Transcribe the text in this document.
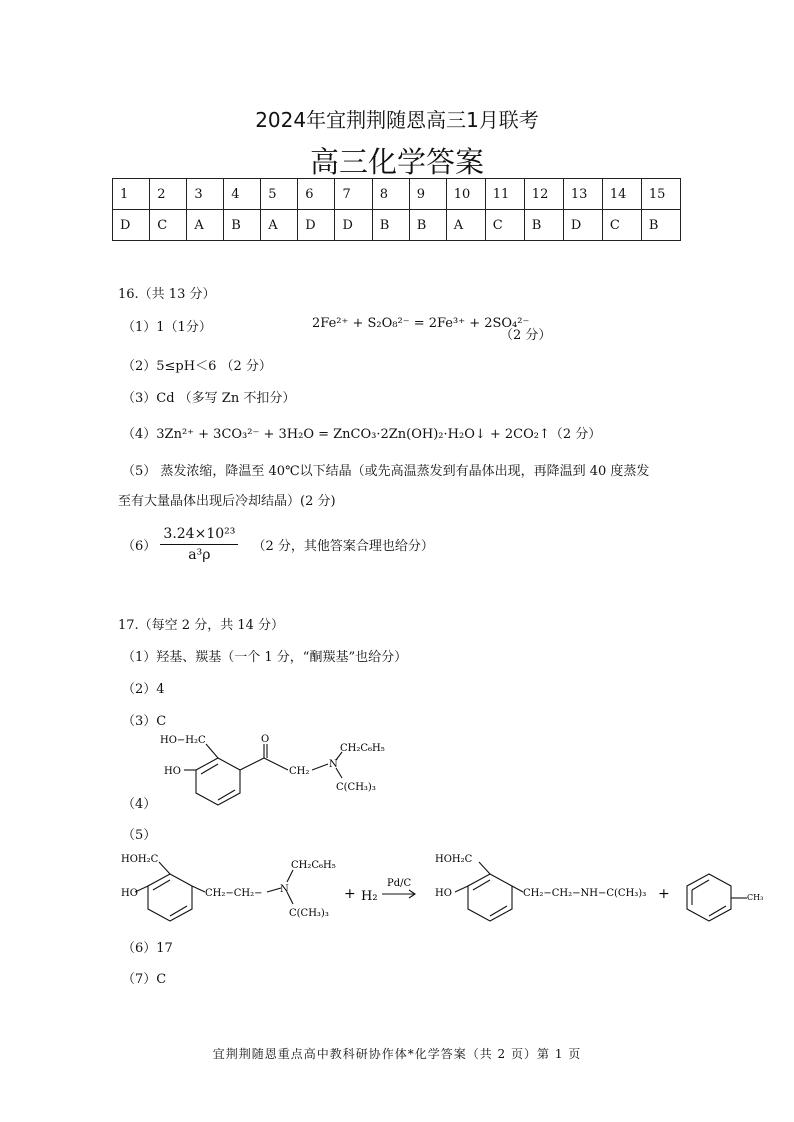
2024年宜荆荆随恩高三1月联考
高三化学答案
1	2	3	4	5	6	7	8	9	10	11	12	13	14	15
D	C	A	B	A	D	D	B	B	A	C	B	D	C	B
16.（共 13 分）
（1）1（1分）	2Fe²⁺ + S₂O₈²⁻ = 2Fe³⁺ + 2SO₄²⁻
（2 分）
（2）5≤pH＜6 （2 分）
（3）Cd （多写 Zn 不扣分）
（4）3Zn²⁺ + 3CO₃²⁻ + 3H₂O = ZnCO₃·2Zn(OH)₂·H₂O↓ + 2CO₂↑（2 分）
（5） 蒸发浓缩，降温至 40℃以下结晶（或先高温蒸发到有晶体出现，再降温到 40 度蒸发
至有大量晶体出现后冷却结晶）(2 分)
$(6) \frac{\text{3.24×10²³}}{\text{a³ρ}} (2$ 分，其他答案合理也给分）
17.（每空 2 分，共 14 分）
（1）羟基、羰基（一个 1 分，“酮羰基”也给分）
（2）4
（3）C
HO−H₂C
HO
O
CH₂
N
CH₂C₆H₅
C(CH₃)₃
（4）
（5）
HOH₂C
HO	CH₂−CH₂− N
CH₂C₆H₅
C(CH₃)₃
+ H₂
Pd/C
HOH₂C
HO	CH₂−CH₂−NH−C(CH₃)₃ +	CH₃
（6）17
（7）C
宜荆荆随恩重点高中教科研协作体*化学答案（共 2 页）第 1 页
